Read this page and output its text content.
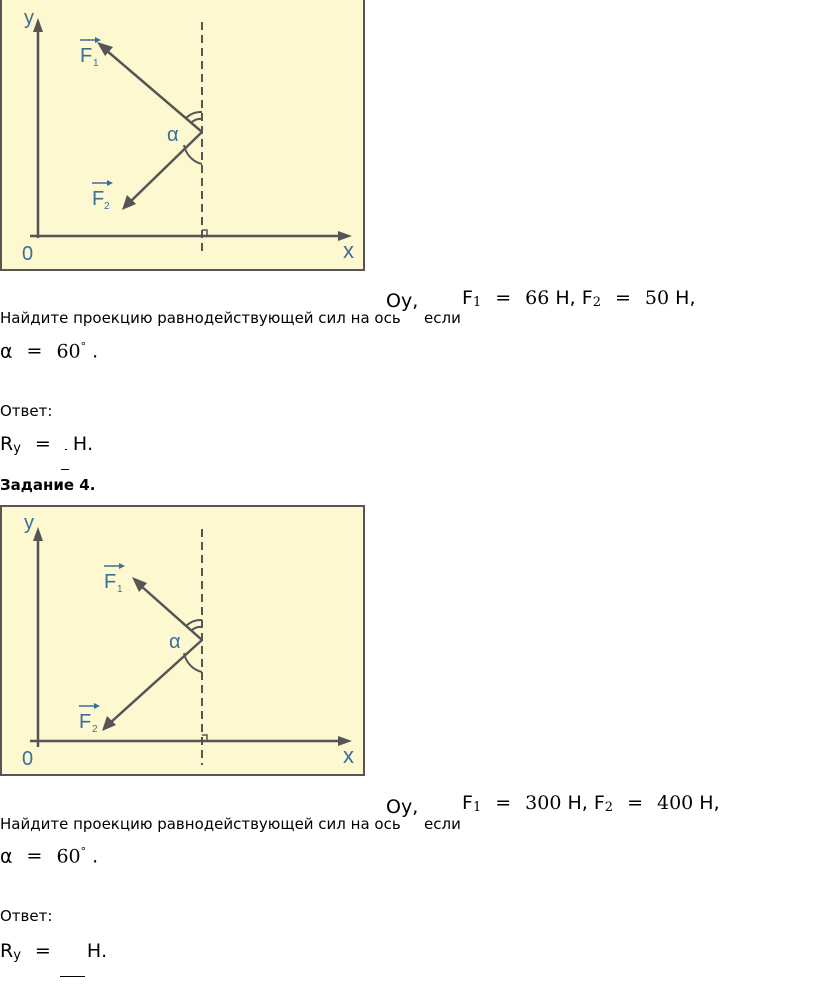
y
x
0
α
F 1
F 2
Найдите проекцию равнодействующей сил на ось
Oy,
если
F1 = 66 Н, F2 = 50 Н,
α = 60° .
Ответ:
Ry = Н.
Задание 4.
y
x
0
α
F 1
F 2
Найдите проекцию равнодействующей сил на ось
Oy,
если
F1 = 300 Н, F2 = 400 Н,
α = 60° .
Ответ:
Ry = Н.
